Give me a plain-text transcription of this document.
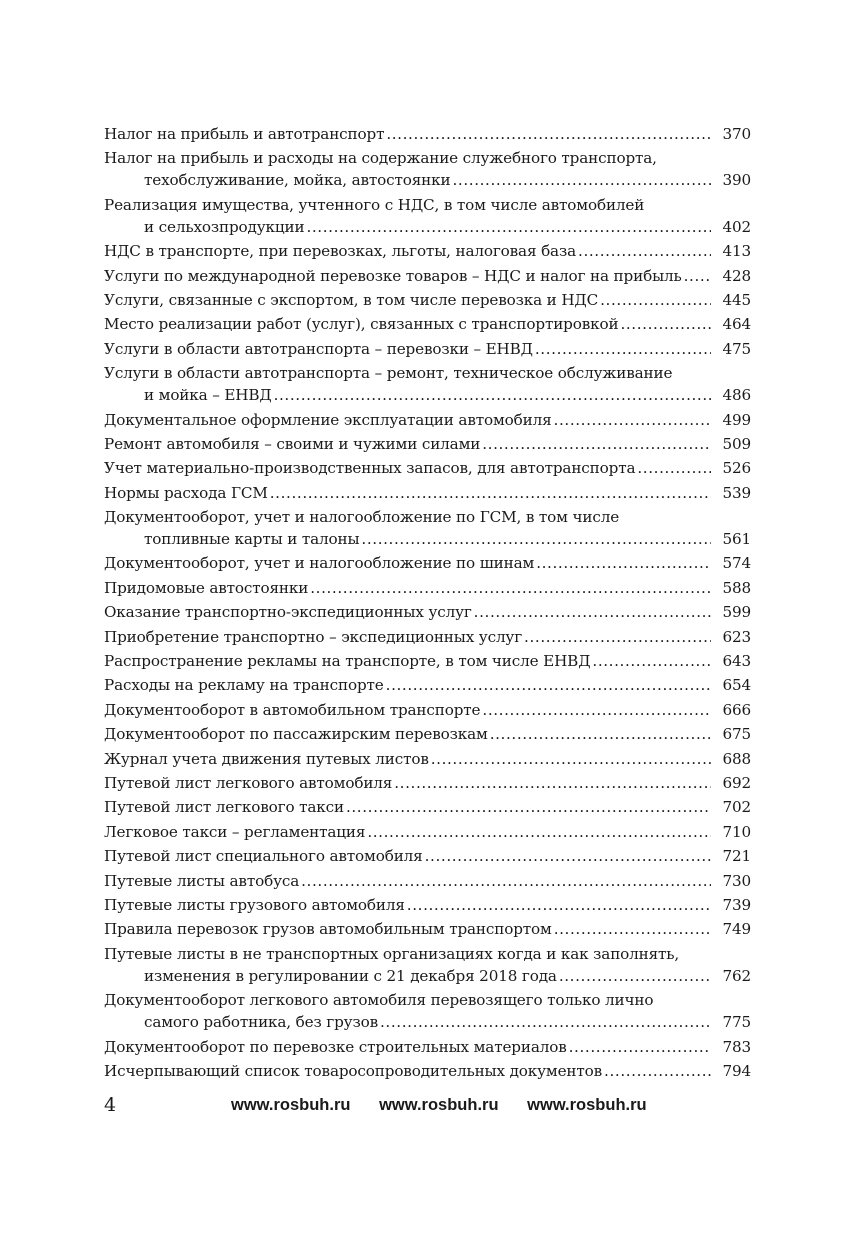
Налог на прибыль и автотранспорт .....	370
Налог на прибыль и расходы на содержание служебного транспорта,
техобслуживание, мойка, автостоянки .....	390
Реализация имущества, учтенного с НДС, в том числе автомобилей
и сельхозпродукции .....	402
НДС в транспорте, при перевозках, льготы, налоговая база .....	413
Услуги по международной перевозке товаров – НДС и налог на прибыль .....	428
Услуги, связанные с экспортом, в том числе перевозка и НДС .....	445
Место реализации работ (услуг), связанных с транспортировкой .....	464
Услуги в области автотранспорта – перевозки – ЕНВД .....	475
Услуги в области автотранспорта – ремонт, техническое обслуживание
и мойка – ЕНВД .....	486
Документальное оформление эксплуатации автомобиля .....	499
Ремонт автомобиля – своими и чужими силами .....	509
Учет материально-производственных запасов, для автотранспорта .....	526
Нормы расхода ГСМ .....	539
Документооборот, учет и налогообложение по ГСМ, в том числе
топливные карты и талоны .....	561
Документооборот, учет и налогообложение по шинам .....	574
Придомовые автостоянки .....	588
Оказание транспортно-экспедиционных услуг .....	599
Приобретение транспортно – экспедиционных услуг .....	623
Распространение рекламы на транспорте, в том числе ЕНВД .....	643
Расходы на рекламу на транспорте .....	654
Документооборот в автомобильном транспорте .....	666
Документооборот по пассажирским перевозкам .....	675
Журнал учета движения путевых листов .....	688
Путевой лист легкового автомобиля .....	692
Путевой лист легкового такси .....	702
Легковое такси – регламентация .....	710
Путевой лист специального автомобиля .....	721
Путевые листы автобуса .....	730
Путевые листы грузового автомобиля .....	739
Правила перевозок грузов автомобильным транспортом .....	749
Путевые листы в не транспортных организациях когда и как заполнять,
изменения в регулировании с 21 декабря 2018 года .....	762
Документооборот легкового автомобиля перевозящего только лично
самого работника, без грузов .....	775
Документооборот по перевозке строительных материалов .....	783
Исчерпывающий список товаросопроводительных документов .....	794
4	www.rosbuh.ru www.rosbuh.ru www.rosbuh.ru
